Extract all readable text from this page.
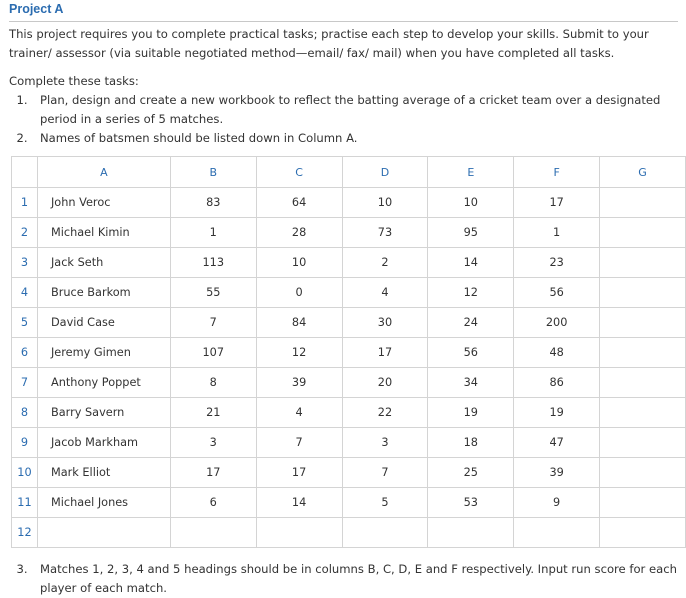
Project A
This project requires you to complete practical tasks; practise each step to develop your skills. Submit to your trainer/ assessor (via suitable negotiated method—email/ fax/ mail) when you have completed all tasks.
Complete these tasks:
1.	Plan, design and create a new workbook to reflect the batting average of a cricket team over a designated period in a series of 5 matches.
2.	Names of batsmen should be listed down in Column A.
	A	B	C	D	E	F	G
1	John Veroc	83	64	10	10	17	
2	Michael Kimin	1	28	73	95	1	
3	Jack Seth	113	10	2	14	23	
4	Bruce Barkom	55	0	4	12	56	
5	David Case	7	84	30	24	200	
6	Jeremy Gimen	107	12	17	56	48	
7	Anthony Poppet	8	39	20	34	86	
8	Barry Savern	21	4	22	19	19	
9	Jacob Markham	3	7	3	18	47	
10	Mark Elliot	17	17	7	25	39	
11	Michael Jones	6	14	5	53	9	
12							
3.	Matches 1, 2, 3, 4 and 5 headings should be in columns B, C, D, E and F respectively. Input run score for each player of each match.
